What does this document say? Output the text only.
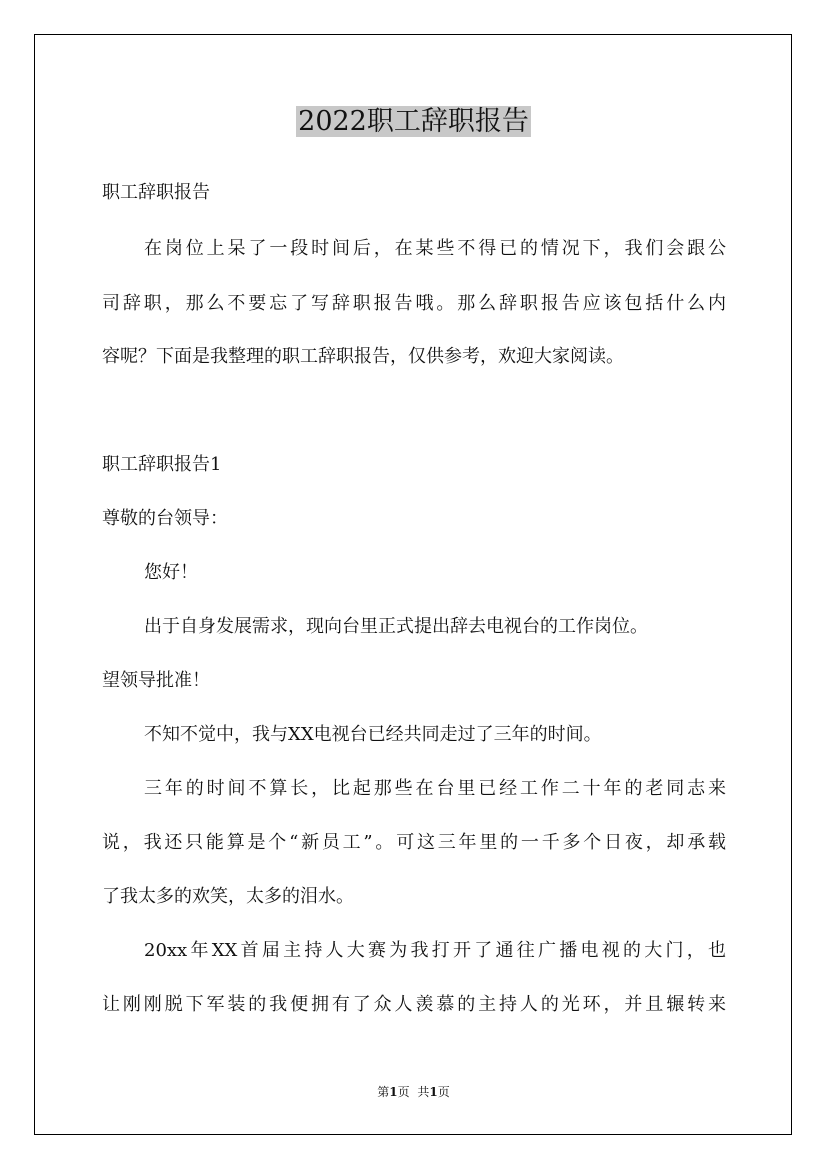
2022职工辞职报告

职工辞职报告

在岗位上呆了一段时间后，在某些不得已的情况下，我们会跟公

司辞职，那么不要忘了写辞职报告哦。那么辞职报告应该包括什么内

容呢？下面是我整理的职工辞职报告，仅供参考，欢迎大家阅读。

职工辞职报告1

尊敬的台领导：

您好！

出于自身发展需求，现向台里正式提出辞去电视台的工作岗位。

望领导批准！

不知不觉中，我与XX电视台已经共同走过了三年的时间。

三年的时间不算长，比起那些在台里已经工作二十年的老同志来

说，我还只能算是个“新员工”。可这三年里的一千多个日夜，却承载

了我太多的欢笑，太多的泪水。

20xx年XX首届主持人大赛为我打开了通往广播电视的大门，也

让刚刚脱下军装的我便拥有了众人羡慕的主持人的光环，并且辗转来

第1页 共1页
